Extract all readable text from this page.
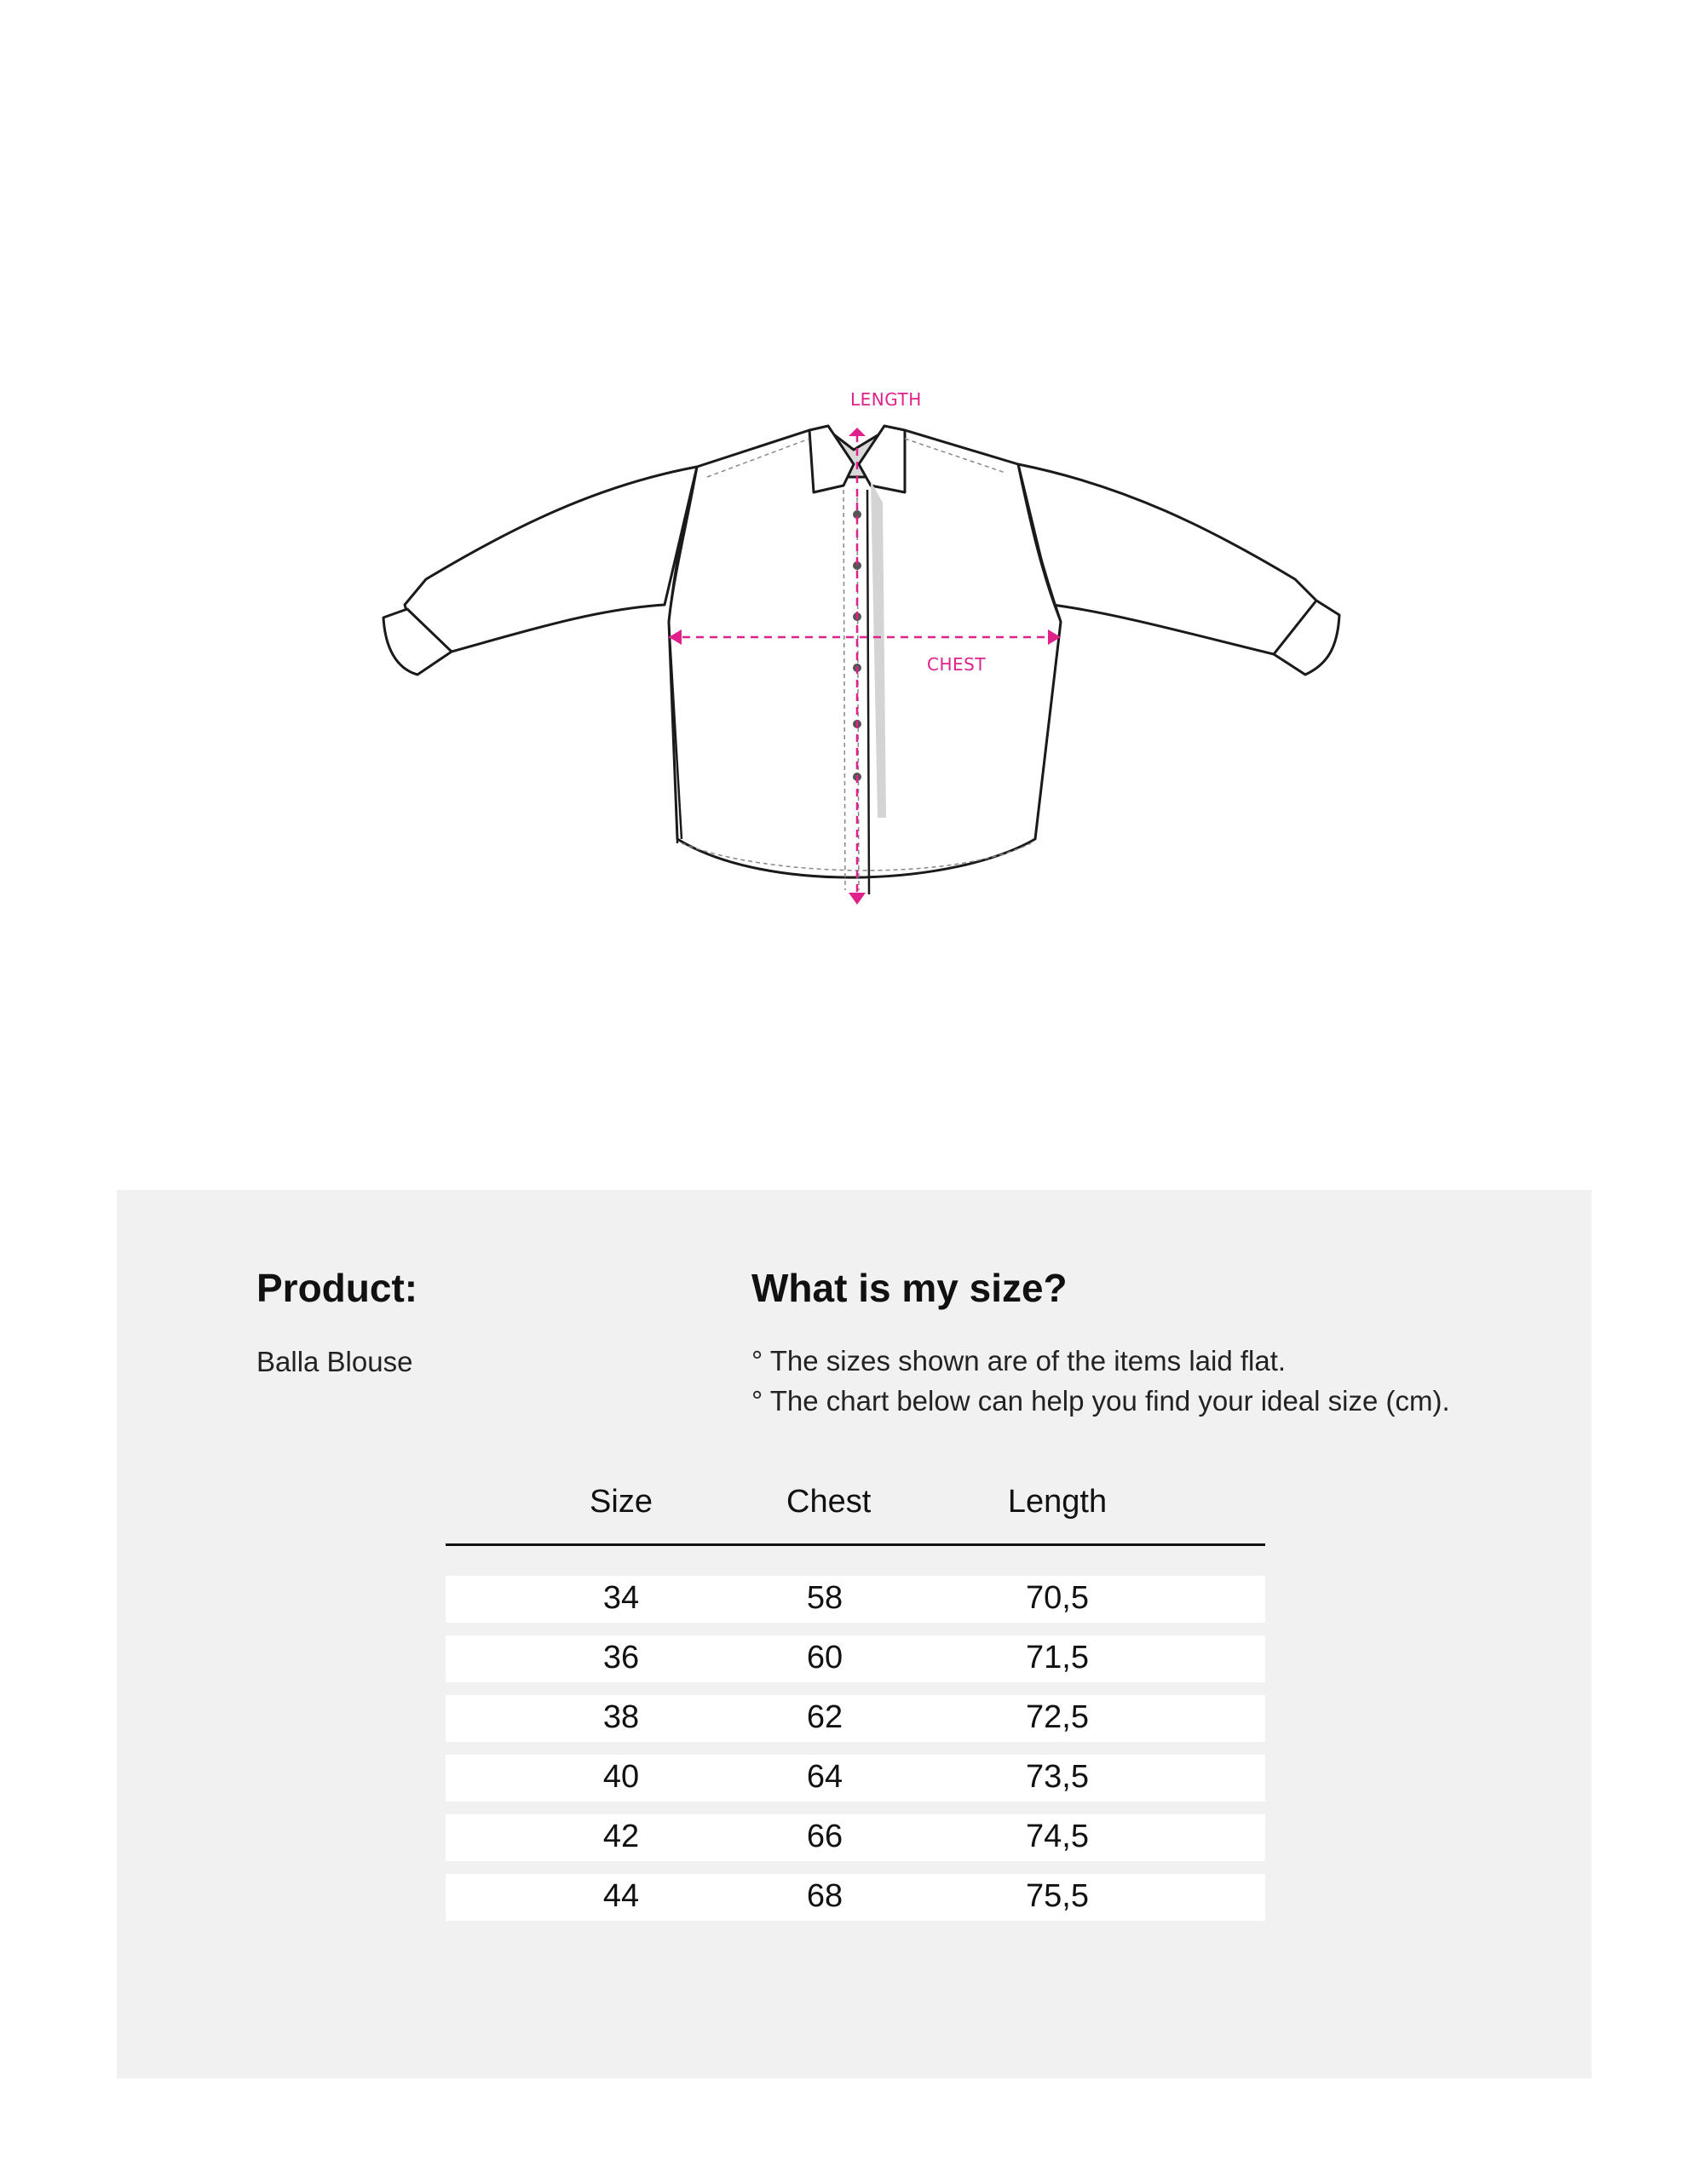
LENGTH
CHEST
Product:
Balla Blouse
What is my size?
° The sizes shown are of the items laid flat.
° The chart below can help you find your ideal size (cm).
Size	Chest	Length
34	58	70,5
36	60	71,5
38	62	72,5
40	64	73,5
42	66	74,5
44	68	75,5
